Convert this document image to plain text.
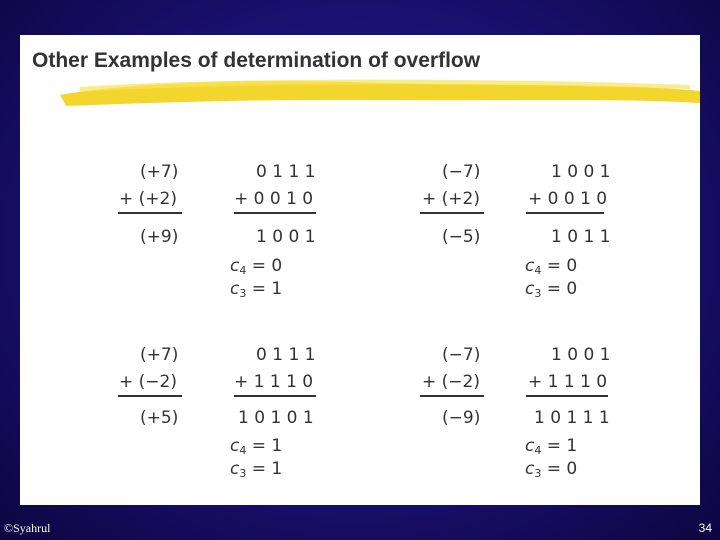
Other Examples of determination of overflow
(+7)
+ (+2)
(+9)
0 1 1 1
+ 0 0 1 0
1 0 0 1
$c_4 = 0$
$c_3 = 1$
(−7)
+ (+2)
(−5)
1 0 0 1
+ 0 0 1 0
1 0 1 1
$c_4 = 0$
$c_3 = 0$
(+7)
+ (−2)
(+5)
0 1 1 1
+ 1 1 1 0
1 0 1 0 1
$c_4 = 1$
$c_3 = 1$
(−7)
+ (−2)
(−9)
1 0 0 1
+ 1 1 1 0
1 0 1 1 1
$c_4 = 1$
$c_3 = 0$
©Syahrul	34
